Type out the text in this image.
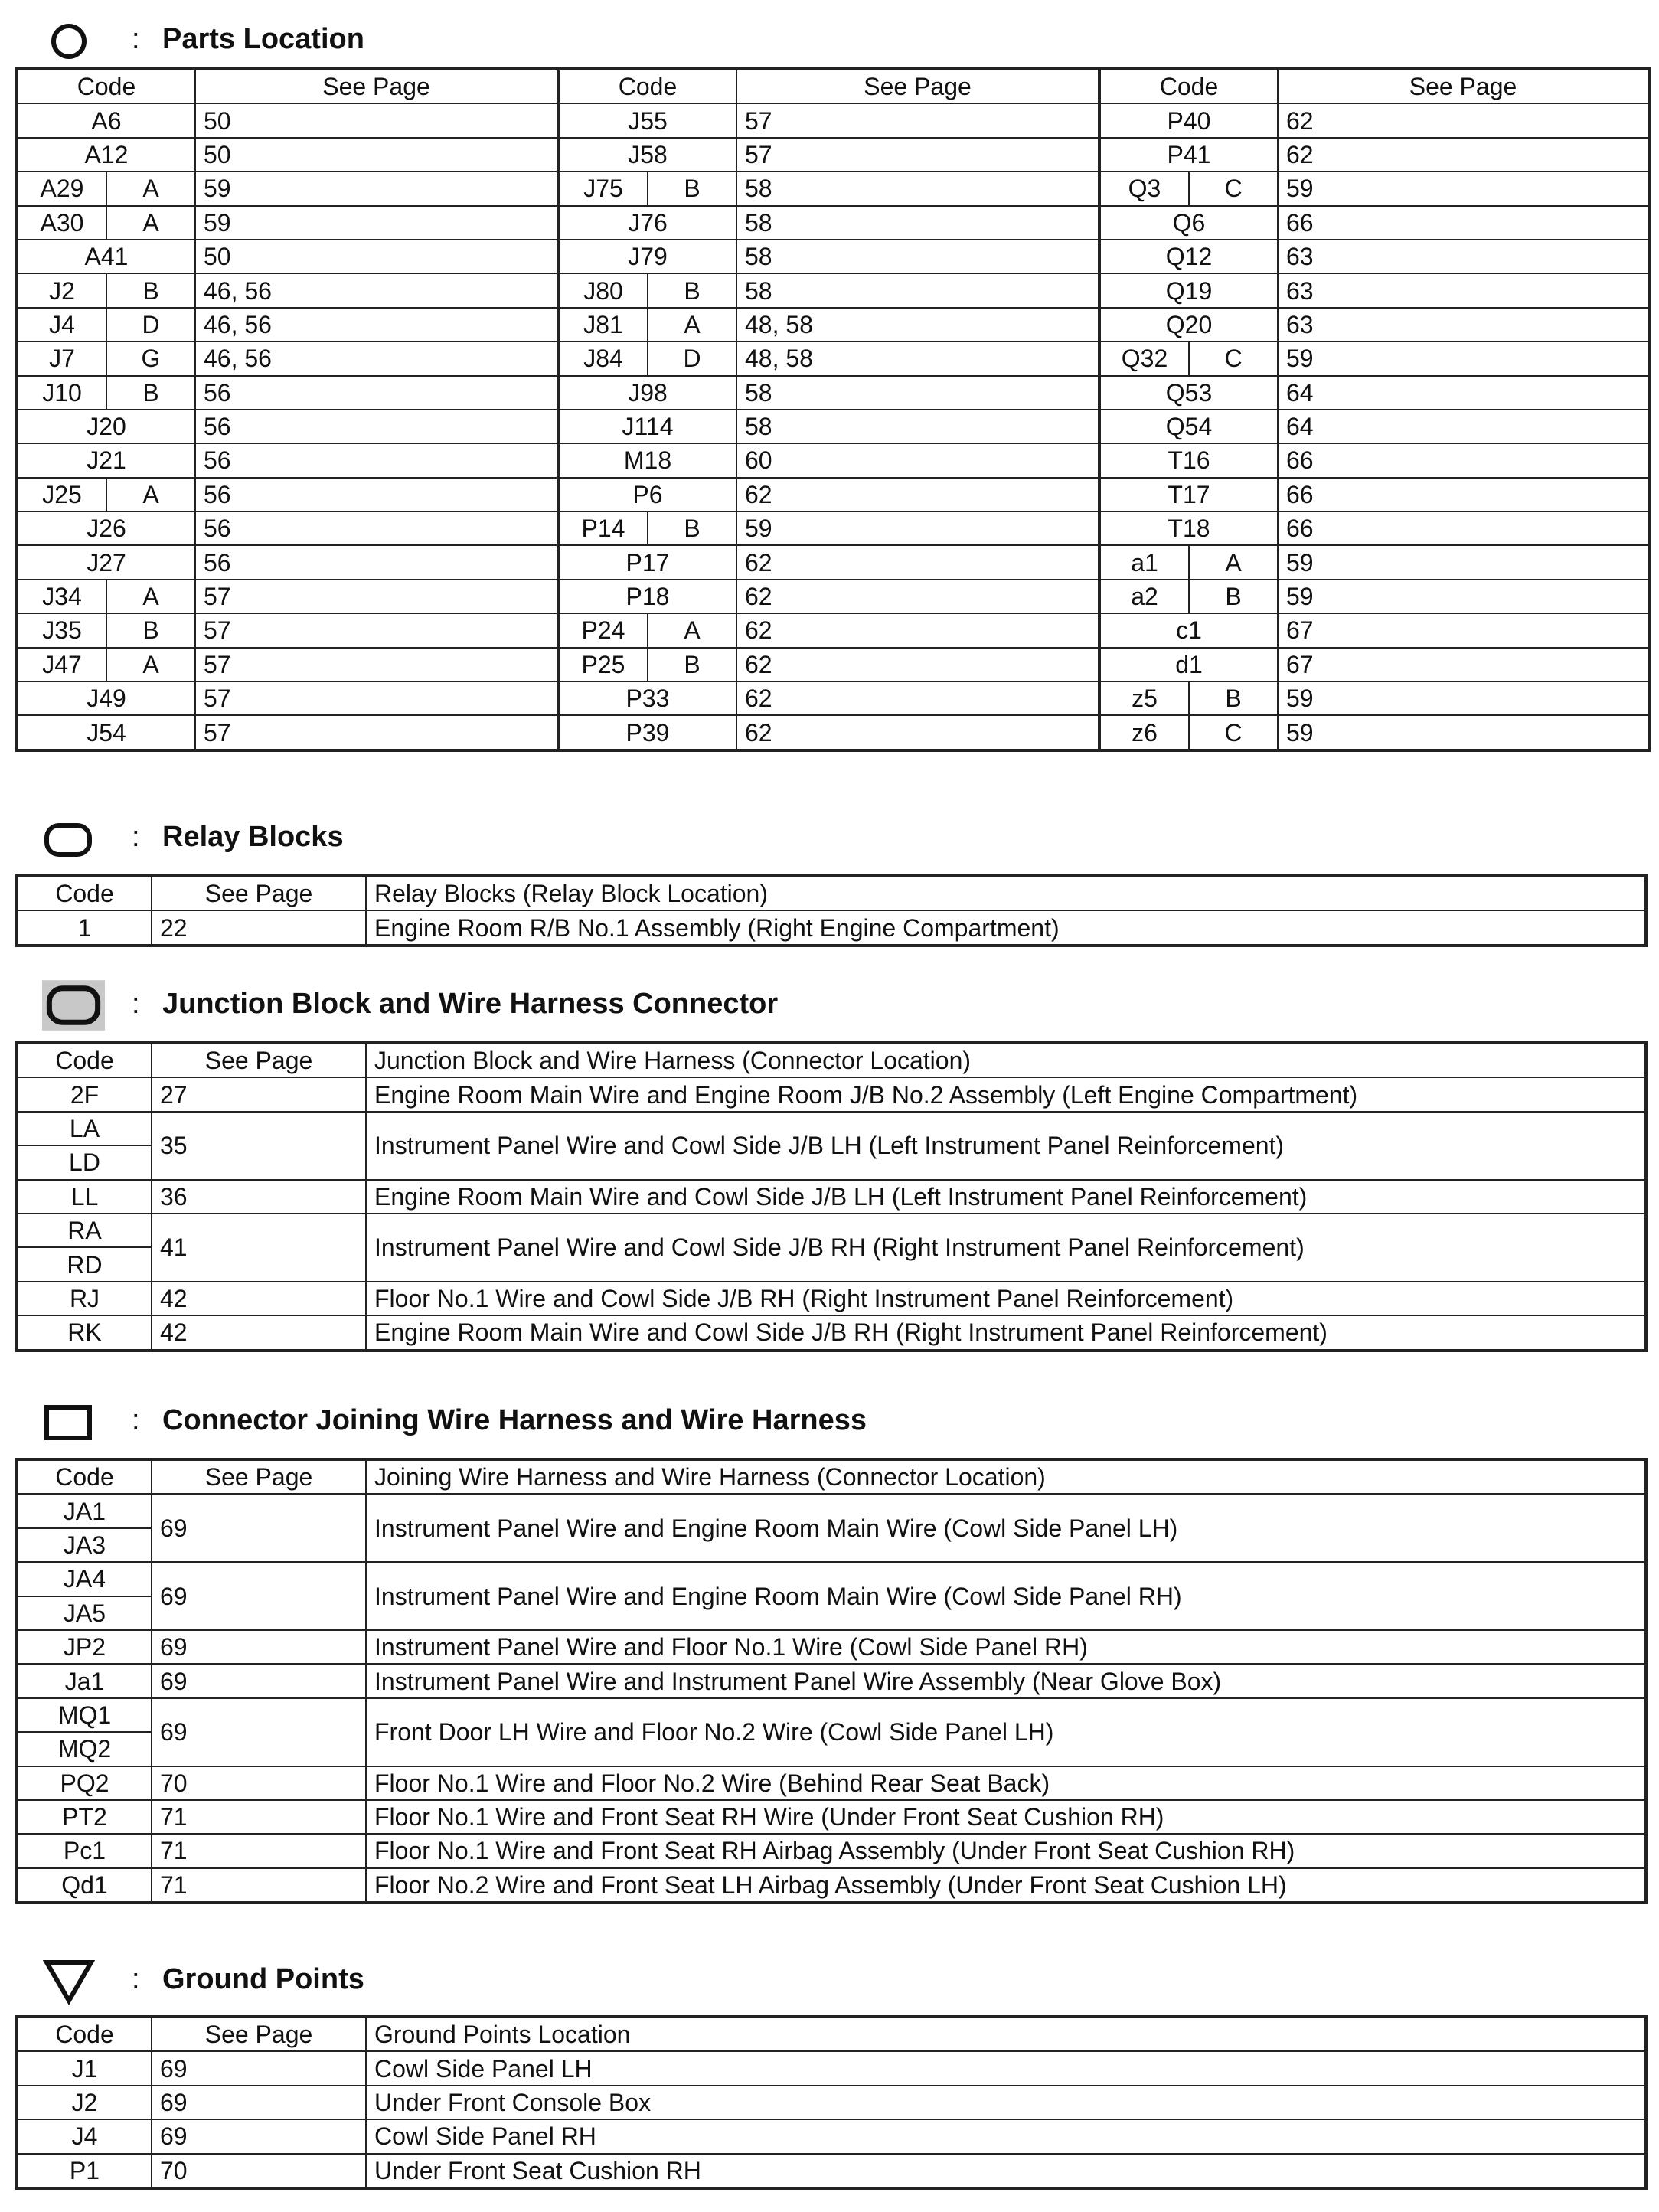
: Parts Location
Code		See Page	Code		See Page	Code		See Page
A6		50	J55		57	P40		62
A12		50	J58		57	P41		62
A29	A	59	J75	B	58	Q3	C	59
A30	A	59	J76		58	Q6		66
A41		50	J79		58	Q12		63
J2	B	46, 56	J80	B	58	Q19		63
J4	D	46, 56	J81	A	48, 58	Q20		63
J7	G	46, 56	J84	D	48, 58	Q32	C	59
J10	B	56	J98		58	Q53		64
J20		56	J114		58	Q54		64
J21		56	M18		60	T16		66
J25	A	56	P6		62	T17		66
J26		56	P14	B	59	T18		66
J27		56	P17		62	a1	A	59
J34	A	57	P18		62	a2	B	59
J35	B	57	P24	A	62	c1		67
J47	A	57	P25	B	62	d1		67
J49		57	P33		62	z5	B	59
J54		57	P39		62	z6	C	59
: Relay Blocks
Code	See Page	Relay Blocks (Relay Block Location)
1	22	Engine Room R/B No.1 Assembly (Right Engine Compartment)
: Junction Block and Wire Harness Connector
Code	See Page	Junction Block and Wire Harness (Connector Location)
2F	27	Engine Room Main Wire and Engine Room J/B No.2 Assembly (Left Engine Compartment)
LA	35	Instrument Panel Wire and Cowl Side J/B LH (Left Instrument Panel Reinforcement)
LD		
LL	36	Engine Room Main Wire and Cowl Side J/B LH (Left Instrument Panel Reinforcement)
RA	41	Instrument Panel Wire and Cowl Side J/B RH (Right Instrument Panel Reinforcement)
RD		
RJ	42	Floor No.1 Wire and Cowl Side J/B RH (Right Instrument Panel Reinforcement)
RK	42	Engine Room Main Wire and Cowl Side J/B RH (Right Instrument Panel Reinforcement)
: Connector Joining Wire Harness and Wire Harness
Code	See Page	Joining Wire Harness and Wire Harness (Connector Location)
JA1	69	Instrument Panel Wire and Engine Room Main Wire (Cowl Side Panel LH)
JA3		
JA4	69	Instrument Panel Wire and Engine Room Main Wire (Cowl Side Panel RH)
JA5		
JP2	69	Instrument Panel Wire and Floor No.1 Wire (Cowl Side Panel RH)
Ja1	69	Instrument Panel Wire and Instrument Panel Wire Assembly (Near Glove Box)
MQ1	69	Front Door LH Wire and Floor No.2 Wire (Cowl Side Panel LH)
MQ2		
PQ2	70	Floor No.1 Wire and Floor No.2 Wire (Behind Rear Seat Back)
PT2	71	Floor No.1 Wire and Front Seat RH Wire (Under Front Seat Cushion RH)
Pc1	71	Floor No.1 Wire and Front Seat RH Airbag Assembly (Under Front Seat Cushion RH)
Qd1	71	Floor No.2 Wire and Front Seat LH Airbag Assembly (Under Front Seat Cushion LH)
: Ground Points
Code	See Page	Ground Points Location
J1	69	Cowl Side Panel LH
J2	69	Under Front Console Box
J4	69	Cowl Side Panel RH
P1	70	Under Front Seat Cushion RH
